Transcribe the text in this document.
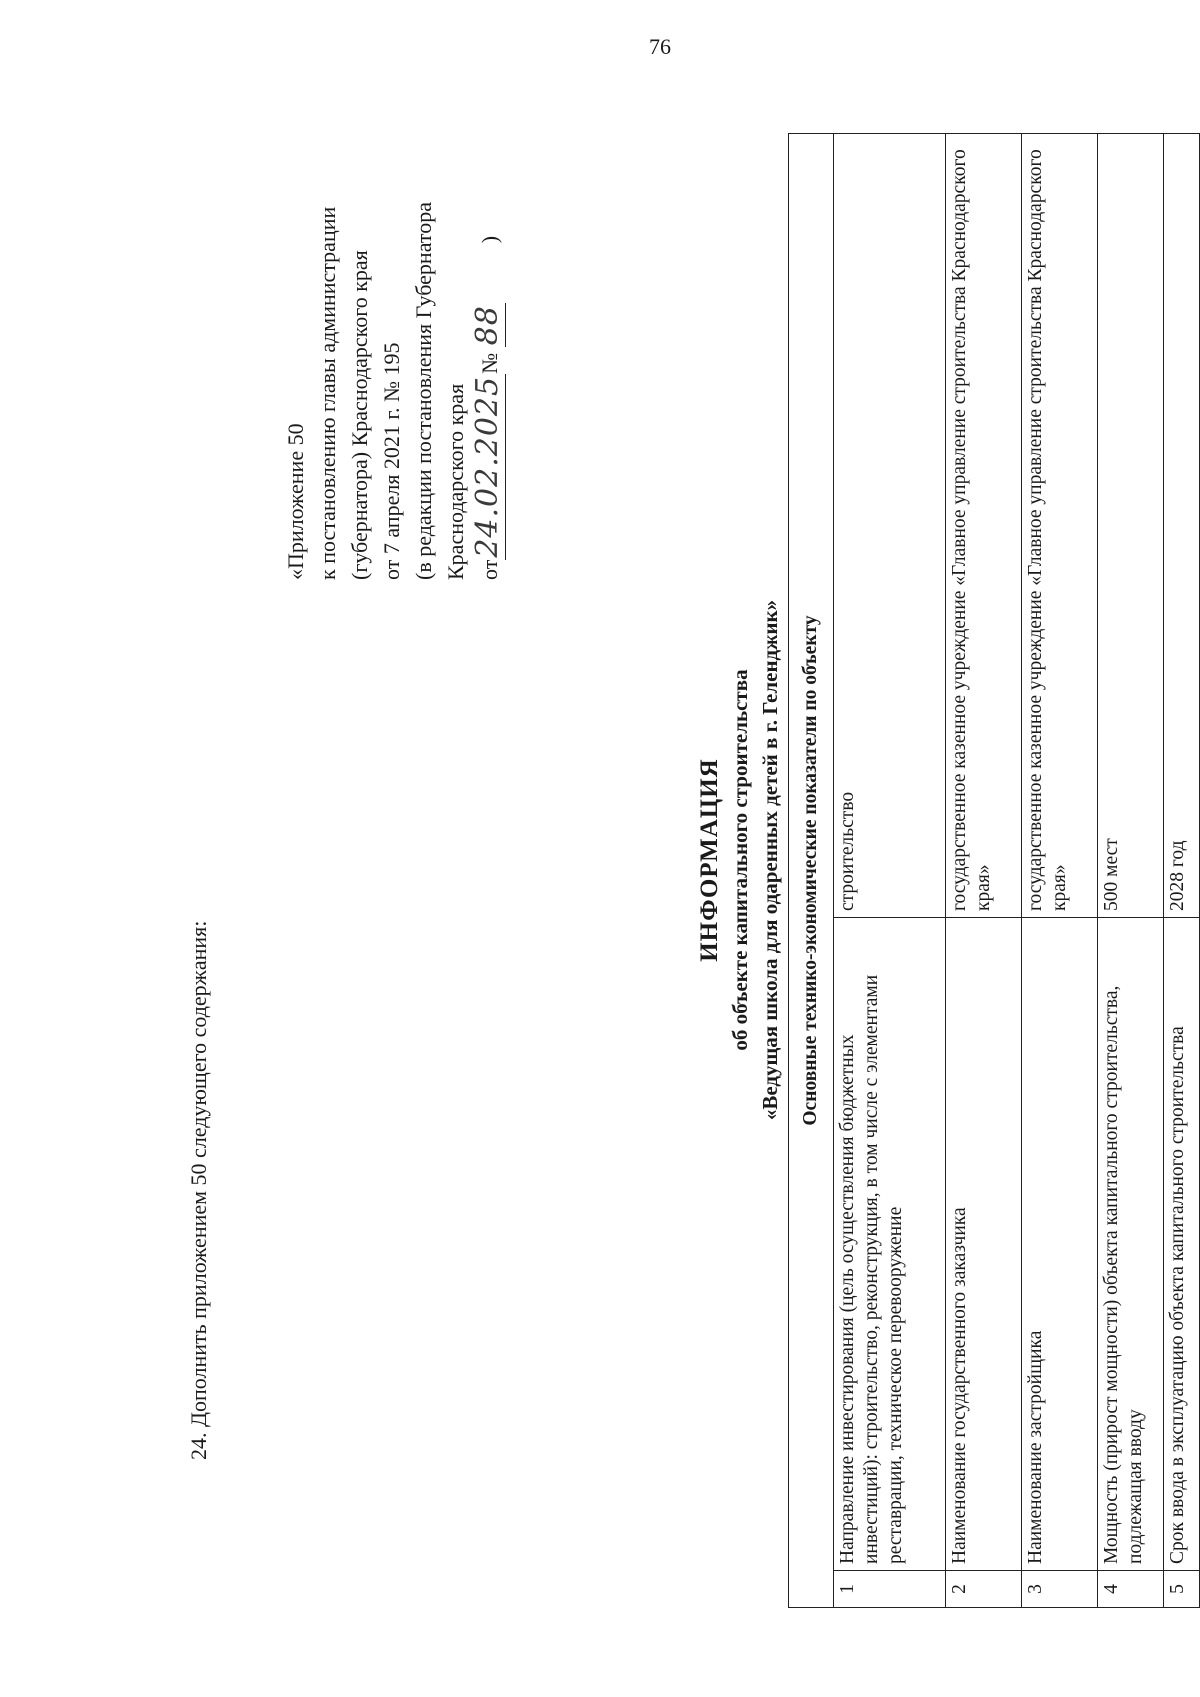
76
24. Дополнить приложением 50 следующего содержания:
«Приложение 50 к постановлению главы администрации (губернатора) Краснодарского края от 7 апреля 2021 г. № 195 (в редакции постановления Губернатора Краснодарского края от24.02.2025№ 88)
ИНФОРМАЦИЯ об объекте капитального строительства «Ведущая школа для одаренных детей в г. Геленджик» Основные технико-экономические показатели по объекту		
1	Направление инвестирования (цель осуществления бюджетных инвестиций): строительство, реконструкция, в том числе с элементами реставрации, техническое перевооружение	строительство
2	Наименование государственного заказчика	государственное казенное учреждение «Главное управление строительства Краснодарского края»
3	Наименование застройщика	государственное казенное учреждение «Главное управление строительства Краснодарского края»
4	Мощность (прирост мощности) объекта капитального строительства, подлежащая вводу	500 мест
5	Срок ввода в эксплуатацию объекта капитального строительства	2028 год
